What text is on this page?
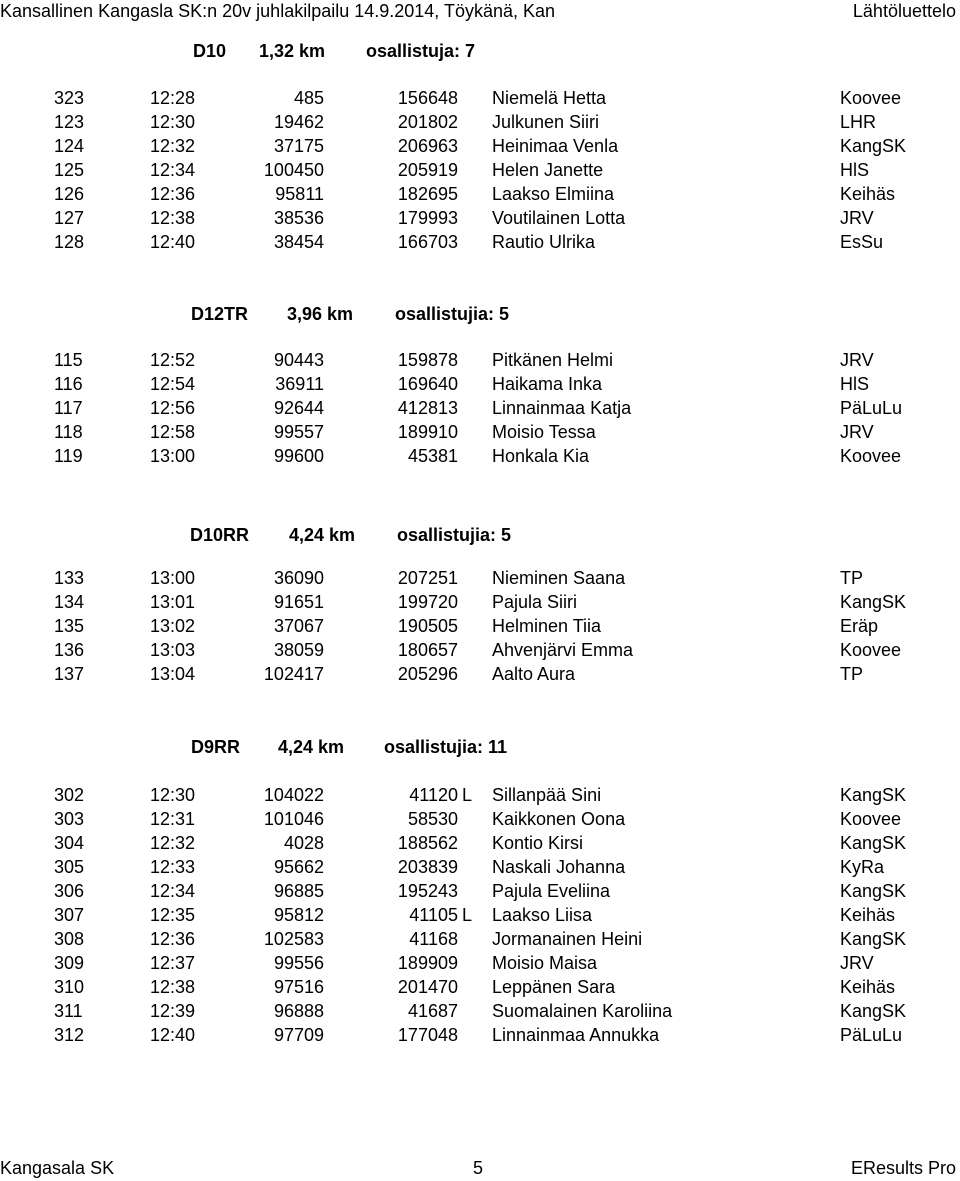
Kansallinen Kangasla SK:n 20v juhlakilpailu 14.9.2014, Töykänä, Kan	Lähtöluettelo
D10 1,32 km osallistuja: 7
323	12:28	485	156648 Niemelä Hetta	Koovee
123	12:30	19462	201802 Julkunen Siiri	LHR
124	12:32	37175	206963 Heinimaa Venla	KangSK
125	12:34	100450	205919 Helen Janette	HlS
126	12:36	95811	182695 Laakso Elmiina	Keihäs
127	12:38	38536	179993 Voutilainen Lotta	JRV
128	12:40	38454	166703 Rautio Ulrika	EsSu
D12TR 3,96 km osallistujia: 5
115	12:52	90443	159878 Pitkänen Helmi	JRV
116	12:54	36911	169640 Haikama Inka	HlS
117	12:56	92644	412813 Linnainmaa Katja	PäLuLu
118	12:58	99557	189910 Moisio Tessa	JRV
119	13:00	99600	45381 Honkala Kia	Koovee
D10RR 4,24 km osallistujia: 5
133	13:00	36090	207251 Nieminen Saana	TP
134	13:01	91651	199720 Pajula Siiri	KangSK
135	13:02	37067	190505 Helminen Tiia	Eräp
136	13:03	38059	180657 Ahvenjärvi Emma	Koovee
137	13:04	102417	205296 Aalto Aura	TP
D9RR 4,24 km osallistujia: 11
302	12:30	104022	41120 L Sillanpää Sini	KangSK
303	12:31	101046	58530 Kaikkonen Oona	Koovee
304	12:32	4028	188562 Kontio Kirsi	KangSK
305	12:33	95662	203839 Naskali Johanna	KyRa
306	12:34	96885	195243 Pajula Eveliina	KangSK
307	12:35	95812	41105 L Laakso Liisa	Keihäs
308	12:36	102583	41168 Jormanainen Heini	KangSK
309	12:37	99556	189909 Moisio Maisa	JRV
310	12:38	97516	201470 Leppänen Sara	Keihäs
311	12:39	96888	41687 Suomalainen Karoliina	KangSK
312	12:40	97709	177048 Linnainmaa Annukka	PäLuLu
Kangasala SK	5	EResults Pro
